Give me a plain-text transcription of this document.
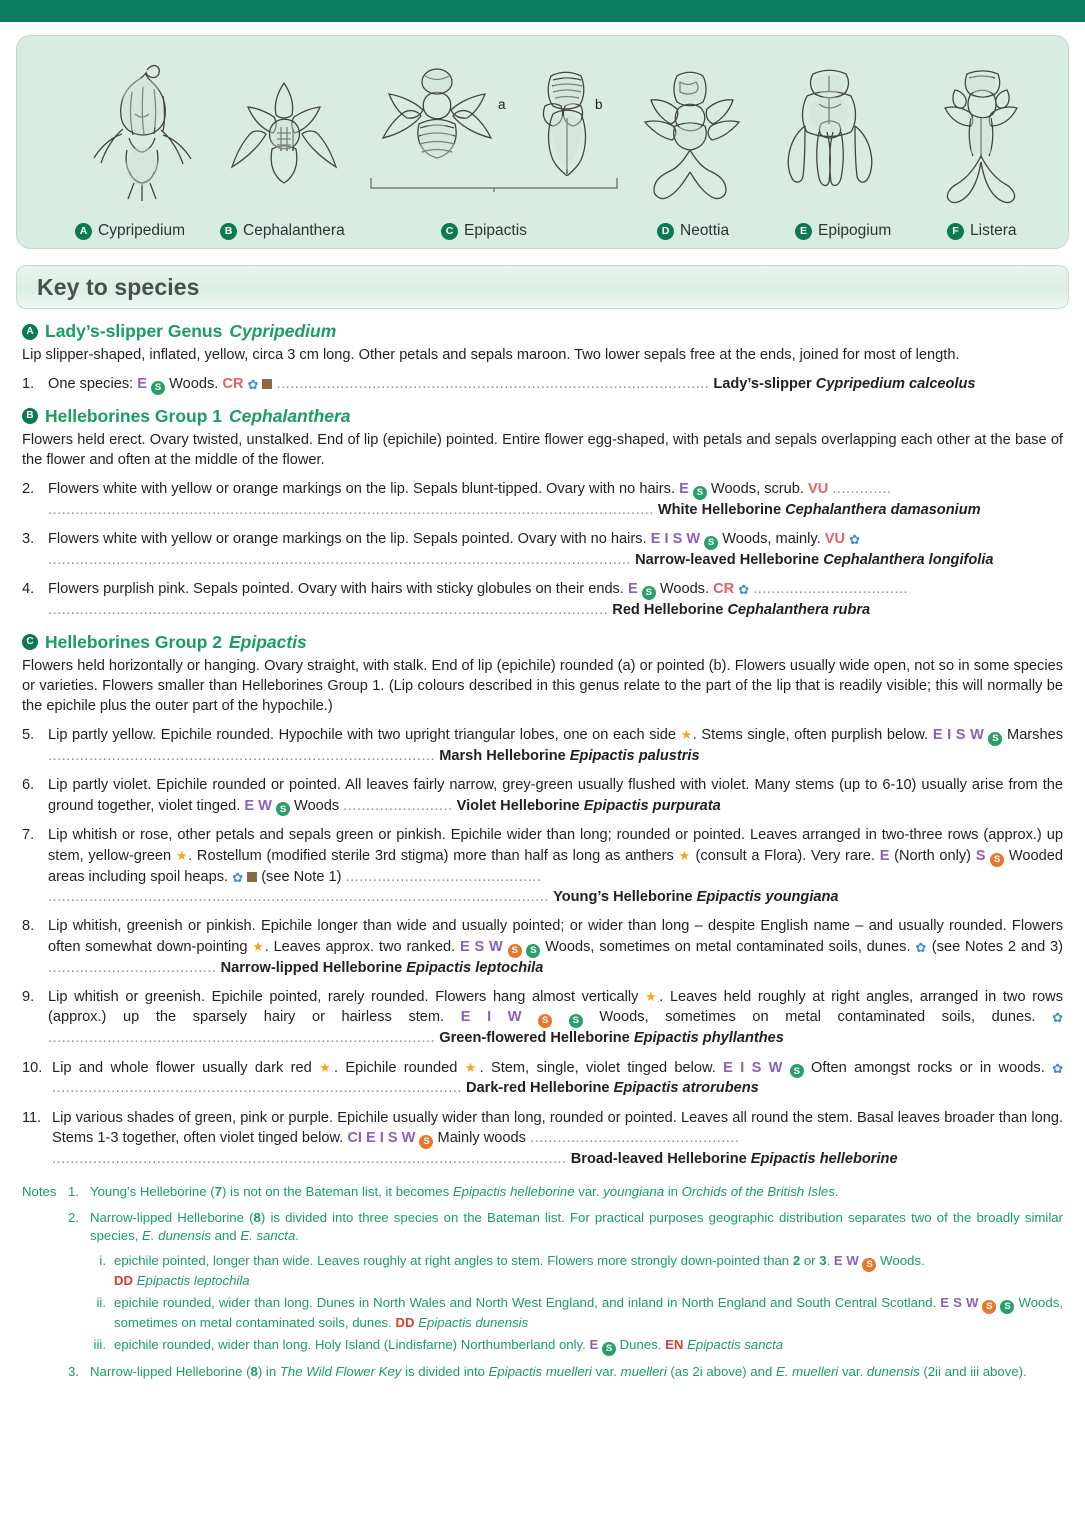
A Cypripedium	B Cephalanthera
a	b
C Epipactis	D Neottia	E Epipogium	F Listera
Key to species
A Lady’s-slipper Genus Cypripedium

Lip slipper-shaped, inflated, yellow, circa 3 cm long. Other petals and sepals maroon. Two lower sepals free at the ends, joined for most of length.

1. One species: E S Woods. CR ✿ ............................................................................................... Lady’s-slipper Cypripedium calceolus
B Helleborines Group 1 Cephalanthera

Flowers held erect. Ovary twisted, unstalked. End of lip (epichile) pointed. Entire flower egg-shaped, with petals and sepals overlapping each other at the base of the flower and often at the middle of the flower.

2. Flowers white with yellow or orange markings on the lip. Sepals blunt-tipped. Ovary with no hairs. E S Woods, scrub. VU .............
..................................................................................................................................... White Helleborine Cephalanthera damasonium
3. Flowers white with yellow or orange markings on the lip. Sepals pointed. Ovary with no hairs. E I S W S Woods, mainly. VU ✿
................................................................................................................................ Narrow-leaved Helleborine Cephalanthera longifolia
4. Flowers purplish pink. Sepals pointed. Ovary with hairs with sticky globules on their ends. E S Woods. CR ✿ ..................................
........................................................................................................................... Red Helleborine Cephalanthera rubra
C Helleborines Group 2 Epipactis

Flowers held horizontally or hanging. Ovary straight, with stalk. End of lip (epichile) rounded (a) or pointed (b). Flowers usually wide open, not so in some species or varieties. Flowers smaller than Helleborines Group 1. (Lip colours described in this genus relate to the part of the lip that is readily visible; this will normally be the epichile plus the outer part of the hypochile.)

5. Lip partly yellow. Epichile rounded. Hypochile with two upright triangular lobes, one on each side ★. Stems single, often purplish below. E I S W S Marshes ..................................................................................... Marsh Helleborine Epipactis palustris
6. Lip partly violet. Epichile rounded or pointed. All leaves fairly narrow, grey-green usually flushed with violet. Many stems (up to 6-10) usually arise from the ground together, violet tinged. E W S Woods ........................ Violet Helleborine Epipactis purpurata
7. Lip whitish or rose, other petals and sepals green or pinkish. Epichile wider than long; rounded or pointed. Leaves arranged in two-three rows (approx.) up stem, yellow-green ★. Rostellum (modified sterile 3rd stigma) more than half as long as anthers ★ (consult a Flora). Very rare. E (North only) S S Wooded areas including spoil heaps. ✿  (see Note 1) ...........................................
.............................................................................................................. Young’s Helleborine Epipactis youngiana
8. Lip whitish, greenish or pinkish. Epichile longer than wide and usually pointed; or wider than long – despite English name – and usually rounded. Flowers often somewhat down-pointing ★. Leaves approx. two ranked. E S W S S Woods, sometimes on metal contaminated soils, dunes. ✿ (see Notes 2 and 3) ..................................... Narrow-lipped Helleborine Epipactis leptochila
9. Lip whitish or greenish. Epichile pointed, rarely rounded. Flowers hang almost vertically ★. Leaves held roughly at right angles, arranged in two rows (approx.) up the sparsely hairy or hairless stem. E I W S	S Woods, sometimes on metal contaminated soils, dunes. ✿ ..................................................................................... Green-flowered Helleborine Epipactis phyllanthes
10. Lip and whole flower usually dark red ★. Epichile rounded ★. Stem, single, violet tinged below. E I S W S Often amongst rocks or in woods. ✿ .......................................................................................... Dark-red Helleborine Epipactis atrorubens
11. Lip various shades of green, pink or purple. Epichile usually wider than long, rounded or pointed. Leaves all round the stem. Basal leaves broader than long. Stems 1-3 together, often violet tinged below. CI E I S W S Mainly woods ..............................................
................................................................................................................. Broad-leaved Helleborine Epipactis helleborine
Notes 1. Young’s Helleborine (7) is not on the Bateman list, it becomes Epipactis helleborine var. youngiana in Orchids of the British Isles.
2. Narrow-lipped Helleborine (8) is divided into three species on the Bateman list. For practical purposes geographic distribution separates two of the broadly similar species, E. dunensis and E. sancta.
i. epichile pointed, longer than wide. Leaves roughly at right angles to stem. Flowers more strongly down-pointed than 2 or 3. E W S Woods.
DD Epipactis leptochila
ii. epichile rounded, wider than long. Dunes in North Wales and North West England, and inland in North England and South Central Scotland. E S W S S Woods, sometimes on metal contaminated soils, dunes. DD Epipactis dunensis
iii. epichile rounded, wider than long. Holy Island (Lindisfarne) Northumberland only. E S Dunes. EN Epipactis sancta
3. Narrow-lipped Helleborine (8) in The Wild Flower Key is divided into Epipactis muelleri var. muelleri (as 2i above) and E. muelleri var. dunensis (2ii and iii above).
